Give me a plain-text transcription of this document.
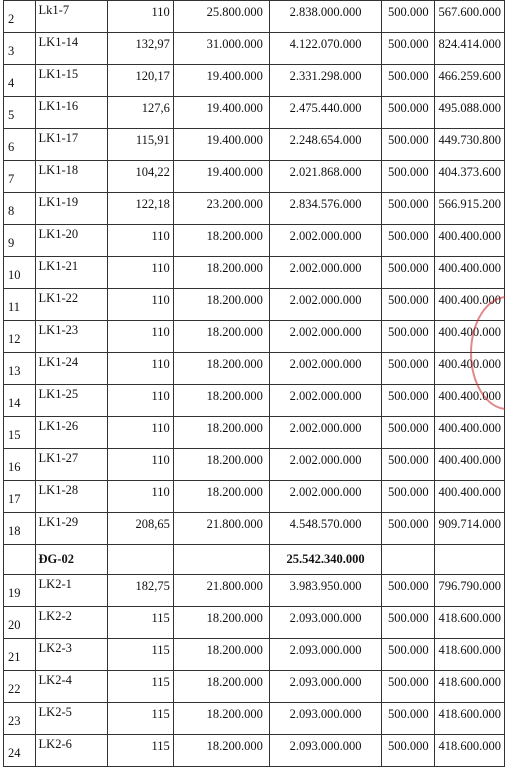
2	Lk1-7	110	25.800.000	2.838.000.000	500.000	567.600.000
3	LK1-14	132,97	31.000.000	4.122.070.000	500.000	824.414.000
4	LK1-15	120,17	19.400.000	2.331.298.000	500.000	466.259.600
5	LK1-16	127,6	19.400.000	2.475.440.000	500.000	495.088.000
6	LK1-17	115,91	19.400.000	2.248.654.000	500.000	449.730.800
7	LK1-18	104,22	19.400.000	2.021.868.000	500.000	404.373.600
8	LK1-19	122,18	23.200.000	2.834.576.000	500.000	566.915.200
9	LK1-20	110	18.200.000	2.002.000.000	500.000	400.400.000
10	LK1-21	110	18.200.000	2.002.000.000	500.000	400.400.000
11	LK1-22	110	18.200.000	2.002.000.000	500.000	400.400.000
12	LK1-23	110	18.200.000	2.002.000.000	500.000	400.400.000
13	LK1-24	110	18.200.000	2.002.000.000	500.000	400.400.000
14	LK1-25	110	18.200.000	2.002.000.000	500.000	400.400.000
15	LK1-26	110	18.200.000	2.002.000.000	500.000	400.400.000
16	LK1-27	110	18.200.000	2.002.000.000	500.000	400.400.000
17	LK1-28	110	18.200.000	2.002.000.000	500.000	400.400.000
18	LK1-29	208,65	21.800.000	4.548.570.000	500.000	909.714.000
	ĐG-02			25.542.340.000		
19	LK2-1	182,75	21.800.000	3.983.950.000	500.000	796.790.000
20	LK2-2	115	18.200.000	2.093.000.000	500.000	418.600.000
21	LK2-3	115	18.200.000	2.093.000.000	500.000	418.600.000
22	LK2-4	115	18.200.000	2.093.000.000	500.000	418.600.000
23	LK2-5	115	18.200.000	2.093.000.000	500.000	418.600.000
24	LK2-6	115	18.200.000	2.093.000.000	500.000	418.600.000
